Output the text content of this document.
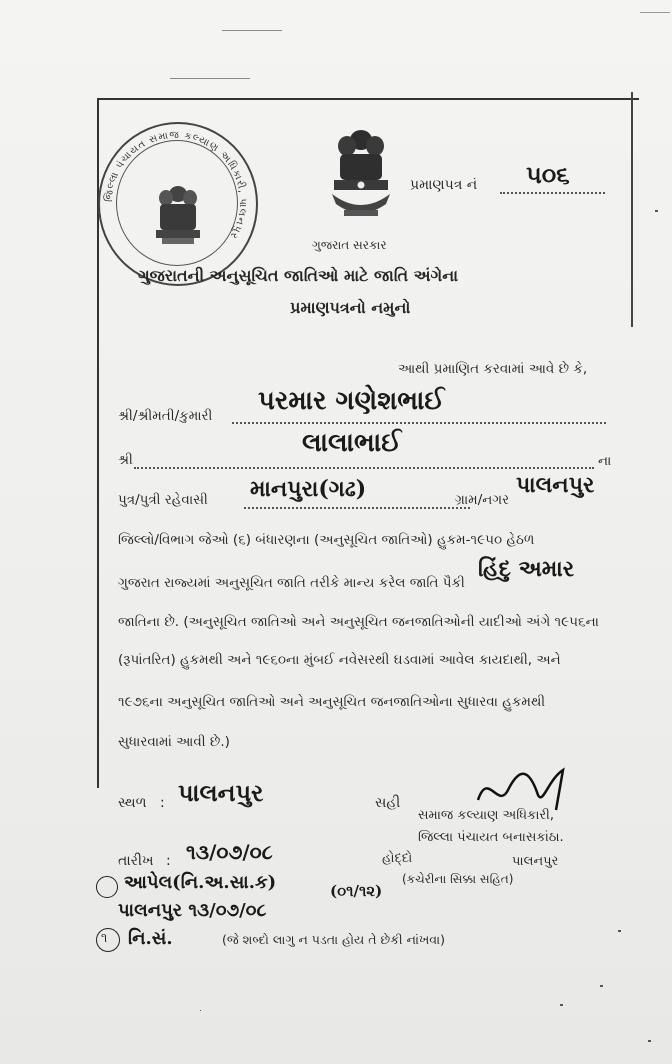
જિલ્લા પંચાયત સમાજ કલ્યાણ અધિકારી, પાલનપુર
પ્રમાણપત્ર નં ૫૦૬
ગુજરાત સરકાર
ગુજરાતની અનુસૂચિત જાતિઓ માટે જાતિ અંગેના
પ્રમાણપત્રનો નમુનો
આથી પ્રમાણિત કરવામાં આવે છે કે,
શ્રી/શ્રીમતી/કુમારી પરમાર ગણેશભાઈ
શ્રી
લાલાભાઈ
ના
પુત્ર/પુત્રી રહેવાસી માનપુરા(ગઢ)	ગ્રામ/નગર
પાલનપુર
જિલ્લો/વિભાગ જેઓ (૬) બંધારણના (અનુસૂચિત જાતિઓ) હુકમ-૧૯૫૦ હેઠળ
ગુજરાત રાજ્યમાં અનુસૂચિત જાતિ તરીકે માન્ય કરેલ જાતિ પૈકી
હિંદુ અમાર
જાતિના છે. (અનુસૂચિત જાતિઓ અને અનુસૂચિત જનજાતિઓની યાદીઓ અંગે ૧૯૫૬ના
(રૂપાંતરિત) હુકમથી અને ૧૯૬૦ના મુંબઈ નવેસરથી ઘડવામાં આવેલ કાયદાથી, અને
૧૯૭૬ના અનુસૂચિત જાતિઓ અને અનુસૂચિત જનજાતિઓના સુધારવા હુકમથી
સુધારવામાં આવી છે.)
સ્થળ : પાલનપુર	સહી
સમાજ કલ્યાણ અધિકારી,
જિલ્લા પંચાયત બનાસકાંઠા.
તારીખ : ૧૩/૦૭/૦૮	હોદ્દો	પાલનપુર
(કચેરીના સિક્કા સહિત)
આપેલ(નિ.અ.સા.ક)	(૦૧/૧૨)
પાલનપુર ૧૩/૦૭/૦૮
૧ નિ.સં.	(જે શબ્દો લાગુ ન પડતા હોય તે છેકી નાંખવા)
